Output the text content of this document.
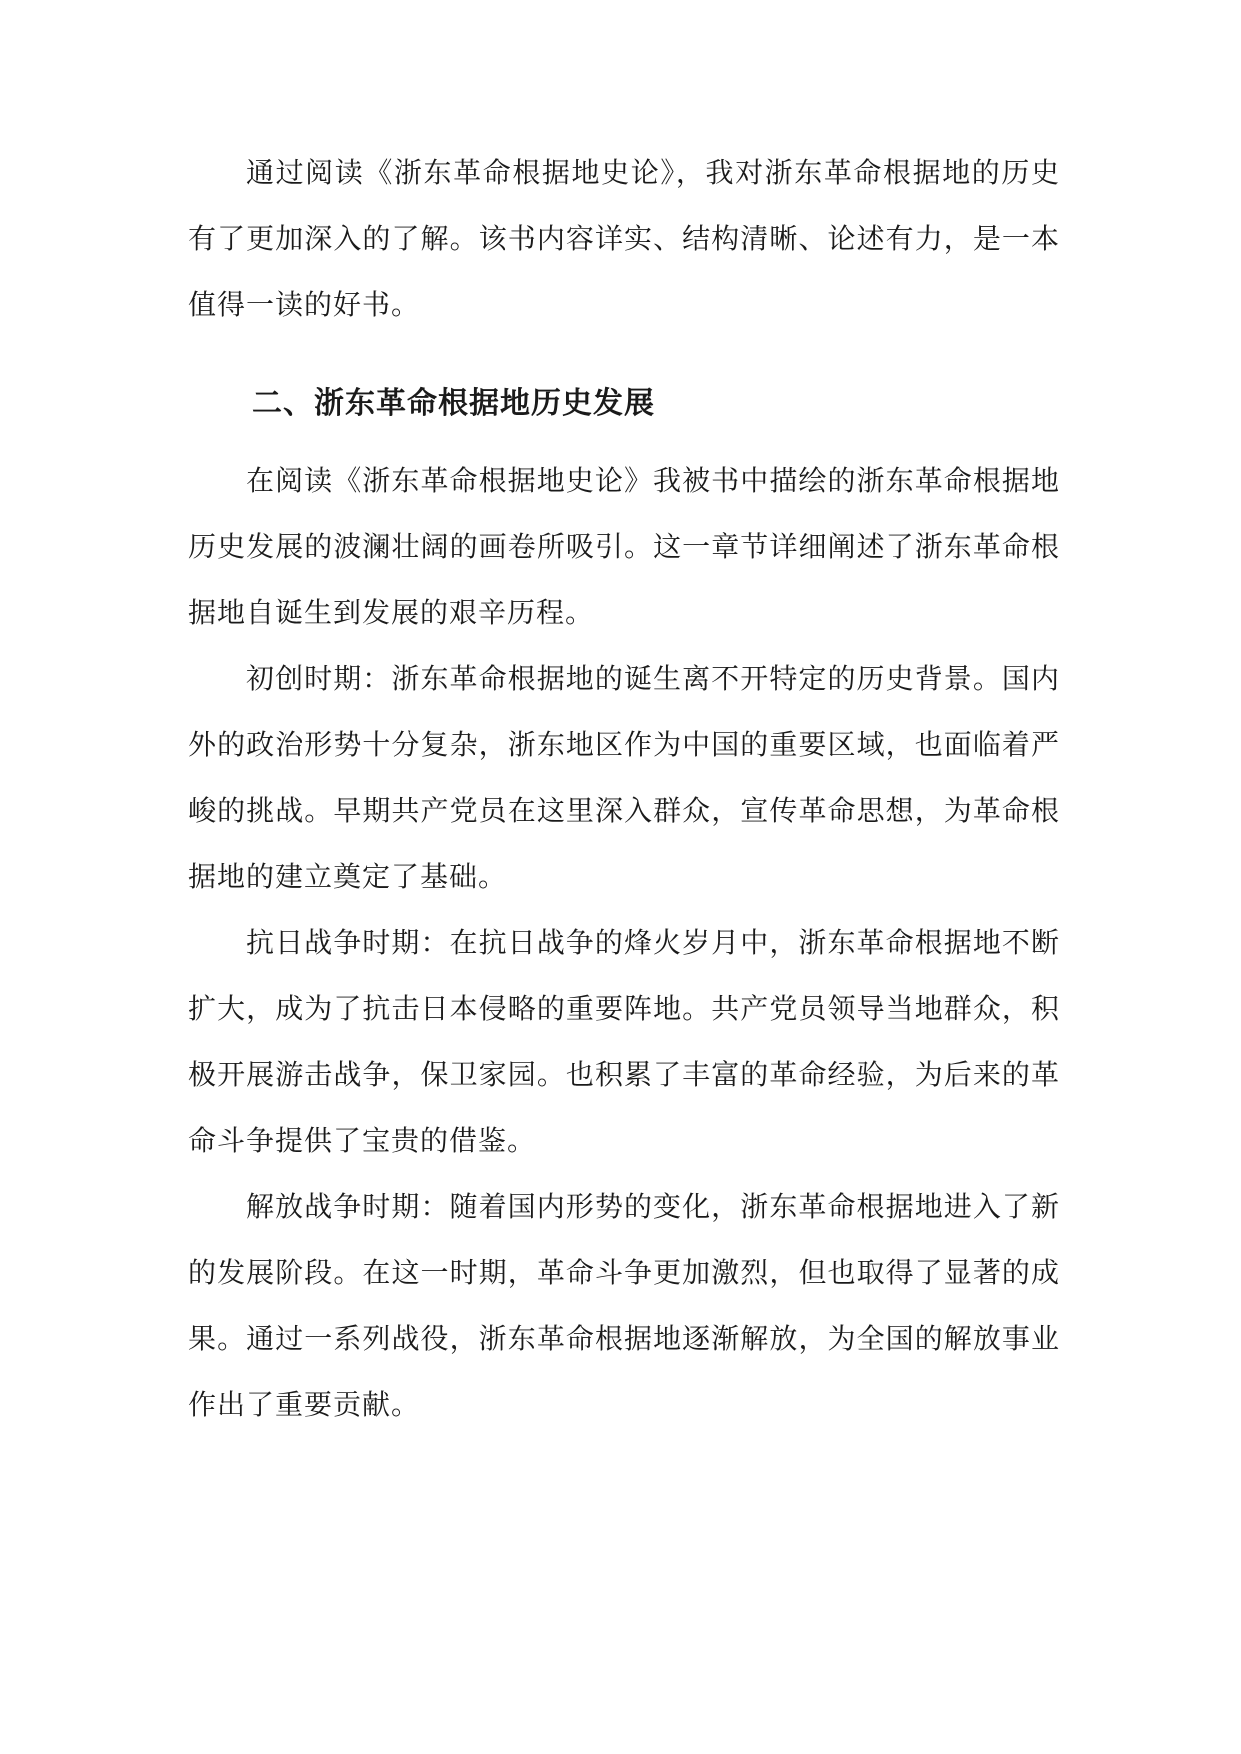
通过阅读《浙东革命根据地史论》，我对浙东革命根据地的历史有了更加深入的了解。该书内容详实、结构清晰、论述有力，是一本值得一读的好书。

二、浙东革命根据地历史发展

在阅读《浙东革命根据地史论》我被书中描绘的浙东革命根据地历史发展的波澜壮阔的画卷所吸引。这一章节详细阐述了浙东革命根据地自诞生到发展的艰辛历程。

初创时期：浙东革命根据地的诞生离不开特定的历史背景。国内外的政治形势十分复杂，浙东地区作为中国的重要区域，也面临着严峻的挑战。早期共产党员在这里深入群众，宣传革命思想，为革命根据地的建立奠定了基础。

抗日战争时期：在抗日战争的烽火岁月中，浙东革命根据地不断扩大，成为了抗击日本侵略的重要阵地。共产党员领导当地群众，积极开展游击战争，保卫家园。也积累了丰富的革命经验，为后来的革命斗争提供了宝贵的借鉴。

解放战争时期：随着国内形势的变化，浙东革命根据地进入了新的发展阶段。在这一时期，革命斗争更加激烈，但也取得了显著的成果。通过一系列战役，浙东革命根据地逐渐解放，为全国的解放事业作出了重要贡献。
